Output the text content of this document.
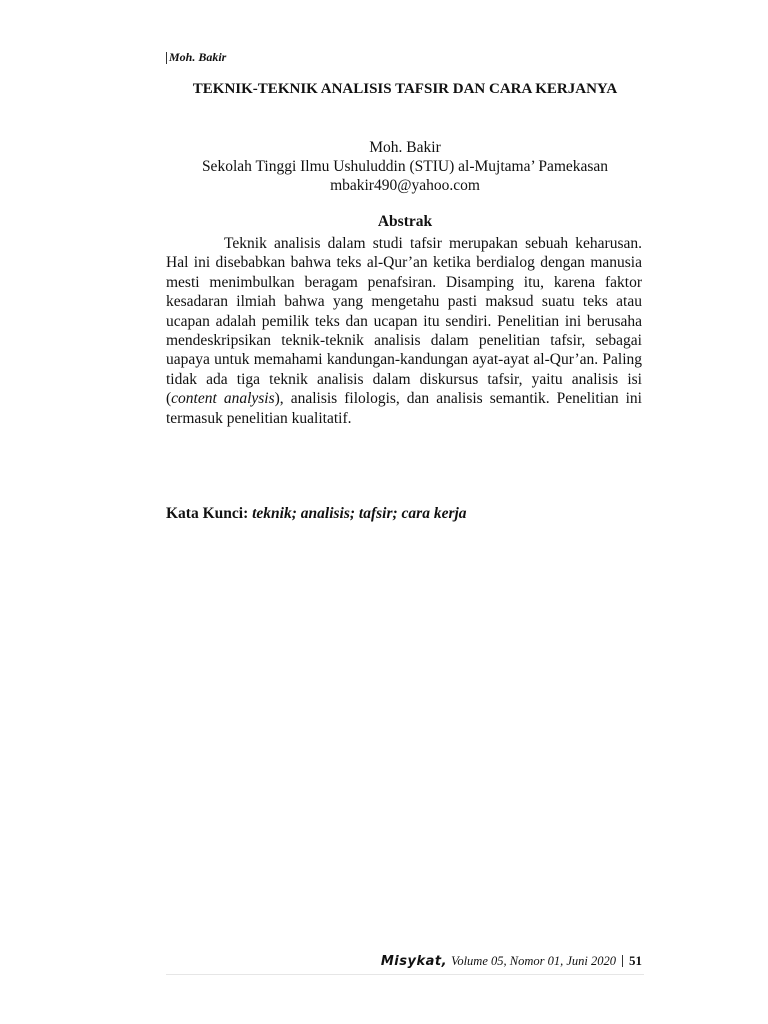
Moh. Bakir
TEKNIK-TEKNIK ANALISIS TAFSIR DAN CARA KERJANYA
Moh. Bakir
Sekolah Tinggi Ilmu Ushuluddin (STIU) al-Mujtama’ Pamekasan
mbakir490@yahoo.com
Abstrak

Teknik analisis dalam studi tafsir merupakan sebuah keharusan. Hal ini disebabkan bahwa teks al-Qur’an ketika berdialog dengan manusia mesti menimbulkan beragam penafsiran. Disamping itu, karena faktor kesadaran ilmiah bahwa yang mengetahu pasti maksud suatu teks atau ucapan adalah pemilik teks dan ucapan itu sendiri. Penelitian ini berusaha mendeskripsikan teknik-teknik analisis dalam penelitian tafsir, sebagai uapaya untuk memahami kandungan-kandungan ayat-ayat al-Qur’an. Paling tidak ada tiga teknik analisis dalam diskursus tafsir, yaitu analisis isi (content analysis), analisis filologis, dan analisis semantik. Penelitian ini termasuk penelitian kualitatif.

Kata Kunci: teknik; analisis; tafsir; cara kerja
Misykat, Volume 05, Nomor 01, Juni 2020 51
